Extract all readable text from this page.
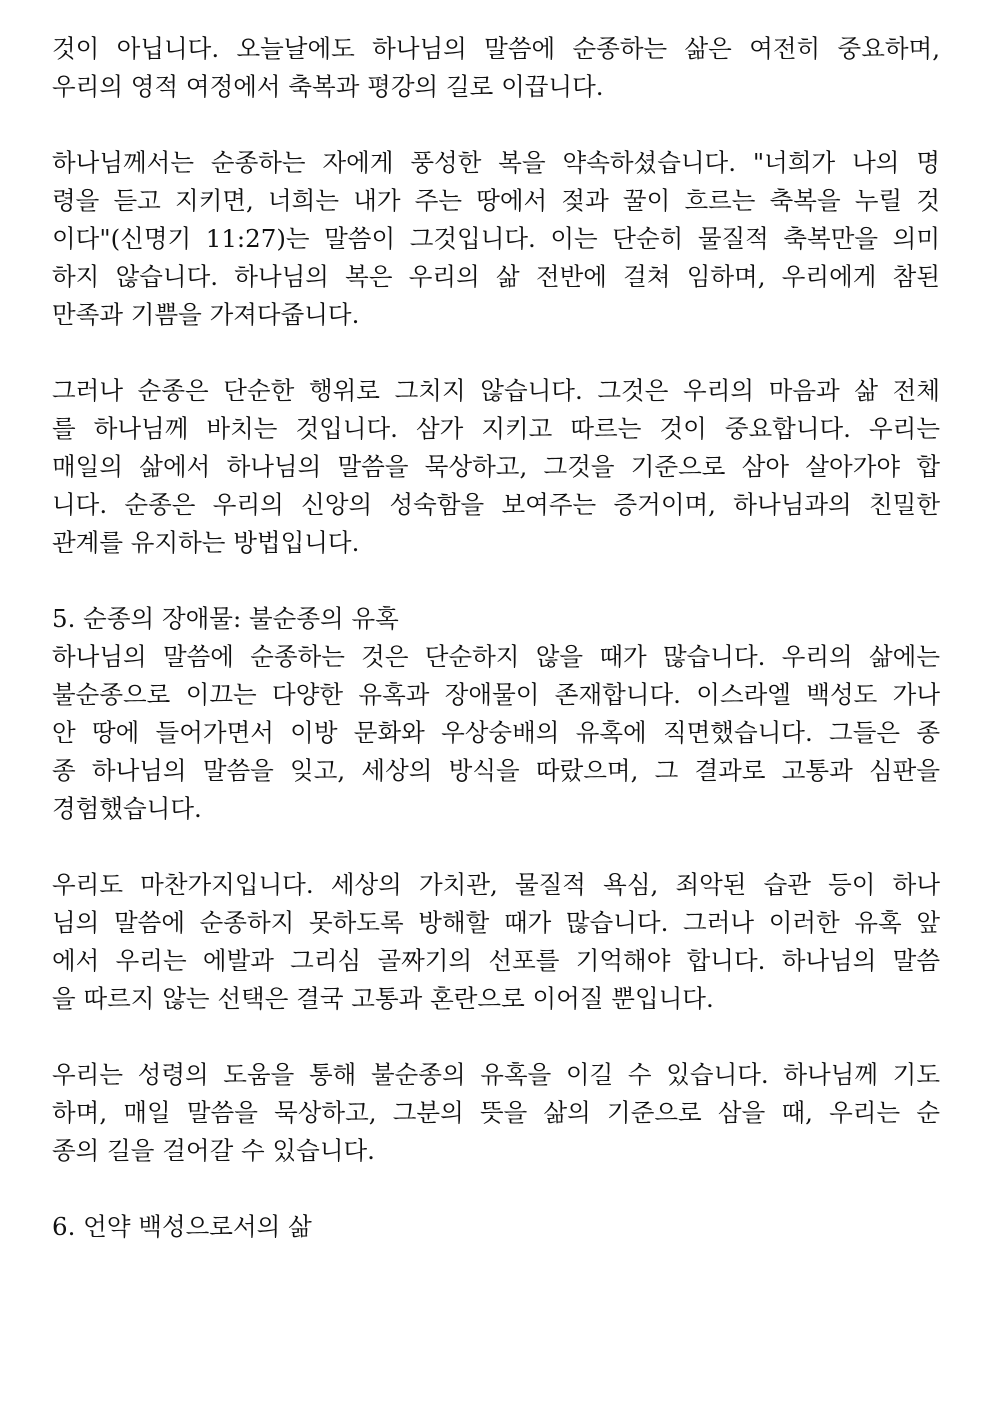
것이 아닙니다. 오늘날에도 하나님의 말씀에 순종하는 삶은 여전히 중요하며,
우리의 영적 여정에서 축복과 평강의 길로 이끕니다.
하나님께서는 순종하는 자에게 풍성한 복을 약속하셨습니다. "너희가 나의 명
령을 듣고 지키면, 너희는 내가 주는 땅에서 젖과 꿀이 흐르는 축복을 누릴 것
이다"(신명기 11:27)는 말씀이 그것입니다. 이는 단순히 물질적 축복만을 의미
하지 않습니다. 하나님의 복은 우리의 삶 전반에 걸쳐 임하며, 우리에게 참된
만족과 기쁨을 가져다줍니다.
그러나 순종은 단순한 행위로 그치지 않습니다. 그것은 우리의 마음과 삶 전체
를 하나님께 바치는 것입니다. 삼가 지키고 따르는 것이 중요합니다. 우리는
매일의 삶에서 하나님의 말씀을 묵상하고, 그것을 기준으로 삼아 살아가야 합
니다. 순종은 우리의 신앙의 성숙함을 보여주는 증거이며, 하나님과의 친밀한
관계를 유지하는 방법입니다.
5. 순종의 장애물: 불순종의 유혹
하나님의 말씀에 순종하는 것은 단순하지 않을 때가 많습니다. 우리의 삶에는
불순종으로 이끄는 다양한 유혹과 장애물이 존재합니다. 이스라엘 백성도 가나
안 땅에 들어가면서 이방 문화와 우상숭배의 유혹에 직면했습니다. 그들은 종
종 하나님의 말씀을 잊고, 세상의 방식을 따랐으며, 그 결과로 고통과 심판을
경험했습니다.
우리도 마찬가지입니다. 세상의 가치관, 물질적 욕심, 죄악된 습관 등이 하나
님의 말씀에 순종하지 못하도록 방해할 때가 많습니다. 그러나 이러한 유혹 앞
에서 우리는 에발과 그리심 골짜기의 선포를 기억해야 합니다. 하나님의 말씀
을 따르지 않는 선택은 결국 고통과 혼란으로 이어질 뿐입니다.
우리는 성령의 도움을 통해 불순종의 유혹을 이길 수 있습니다. 하나님께 기도
하며, 매일 말씀을 묵상하고, 그분의 뜻을 삶의 기준으로 삼을 때, 우리는 순
종의 길을 걸어갈 수 있습니다.
6. 언약 백성으로서의 삶
